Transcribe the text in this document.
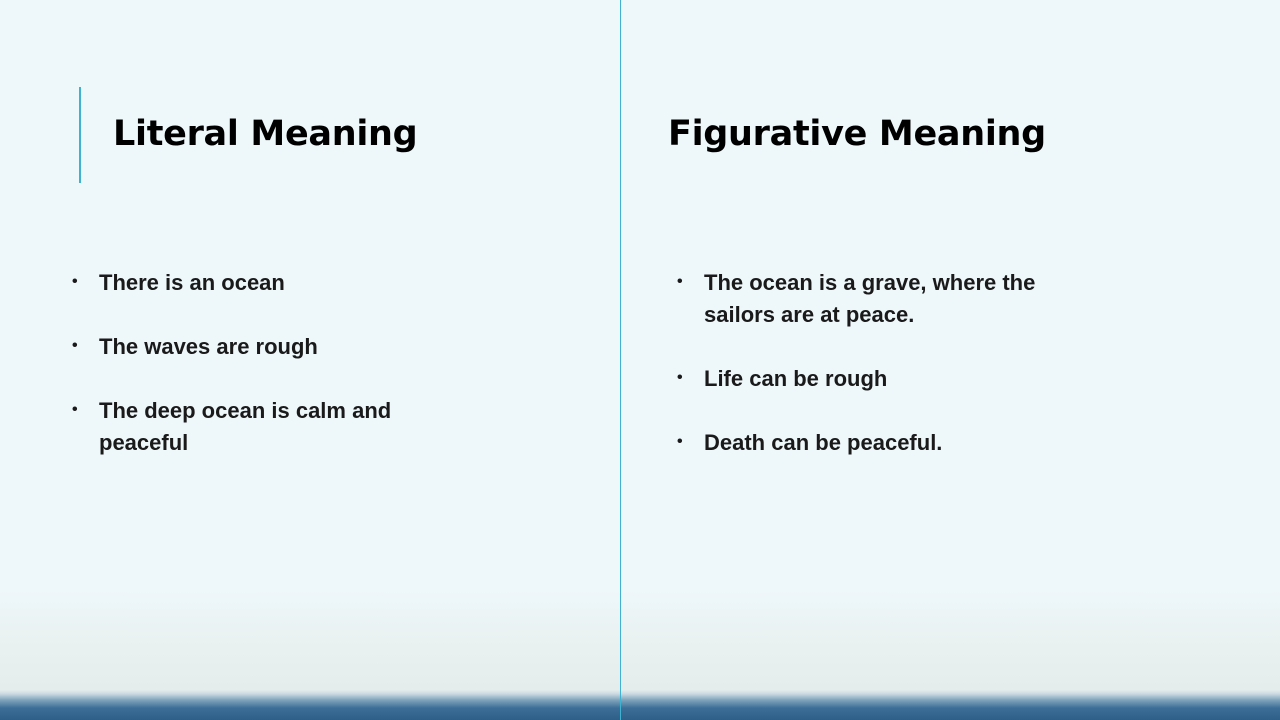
Literal Meaning	Figurative Meaning
• There is an ocean
• The waves are rough
• The deep ocean is calm and peaceful
• The ocean is a grave, where the sailors are at peace.
• Life can be rough
• Death can be peaceful.
